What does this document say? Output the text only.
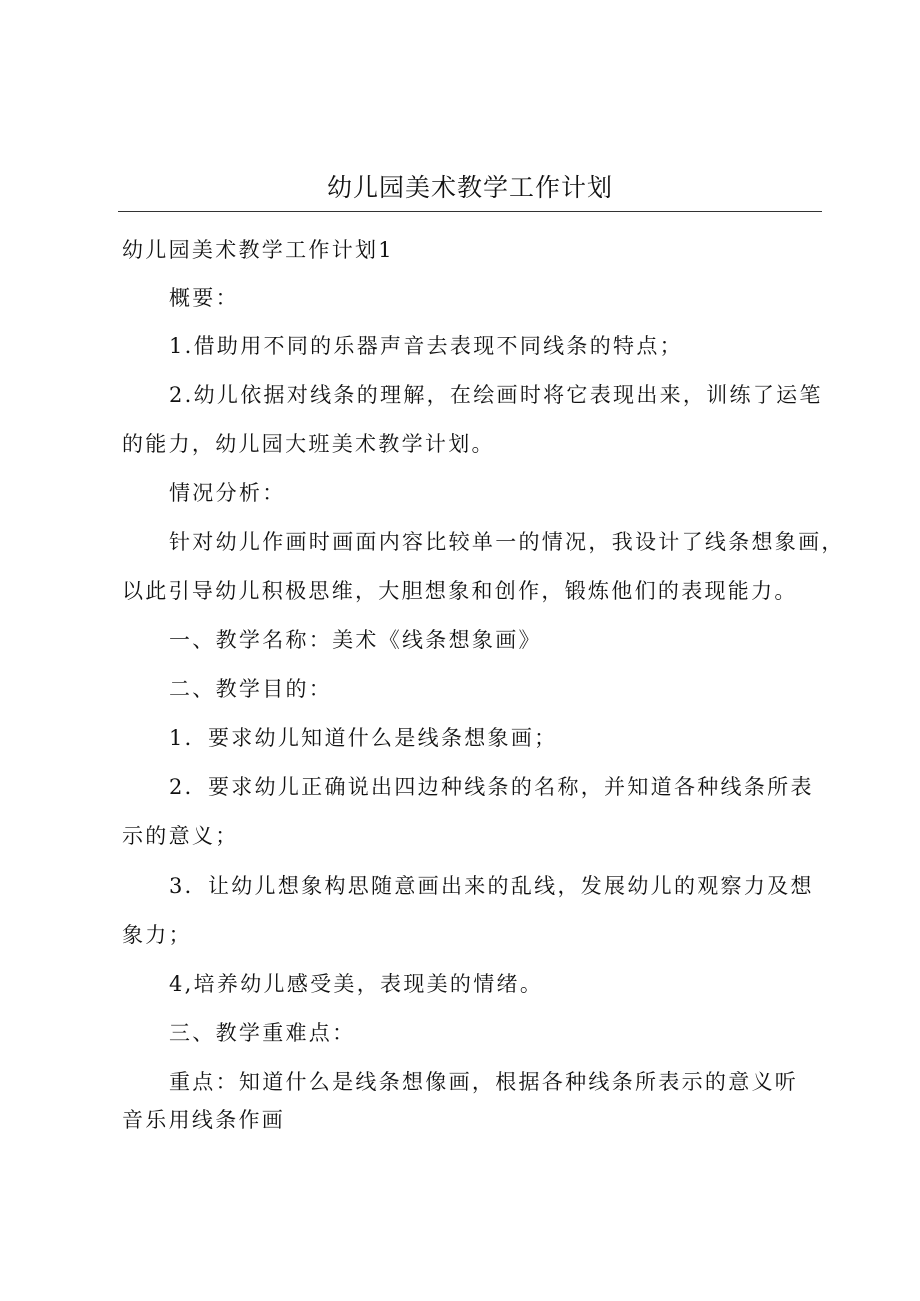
幼儿园美术教学工作计划
幼儿园美术教学工作计划1
概要：
1.借助用不同的乐器声音去表现不同线条的特点；
2.幼儿依据对线条的理解，在绘画时将它表现出来，训练了运笔
的能力，幼儿园大班美术教学计划。
情况分析：
针对幼儿作画时画面内容比较单一的情况，我设计了线条想象画，
以此引导幼儿积极思维，大胆想象和创作，锻炼他们的表现能力。
一、教学名称：美术《线条想象画》
二、教学目的：
1．要求幼儿知道什么是线条想象画；
2．要求幼儿正确说出四边种线条的名称，并知道各种线条所表
示的意义；
3．让幼儿想象构思随意画出来的乱线，发展幼儿的观察力及想
象力；
4,培养幼儿感受美，表现美的情绪。
三、教学重难点：
重点：知道什么是线条想像画，根据各种线条所表示的意义听
音乐用线条作画
